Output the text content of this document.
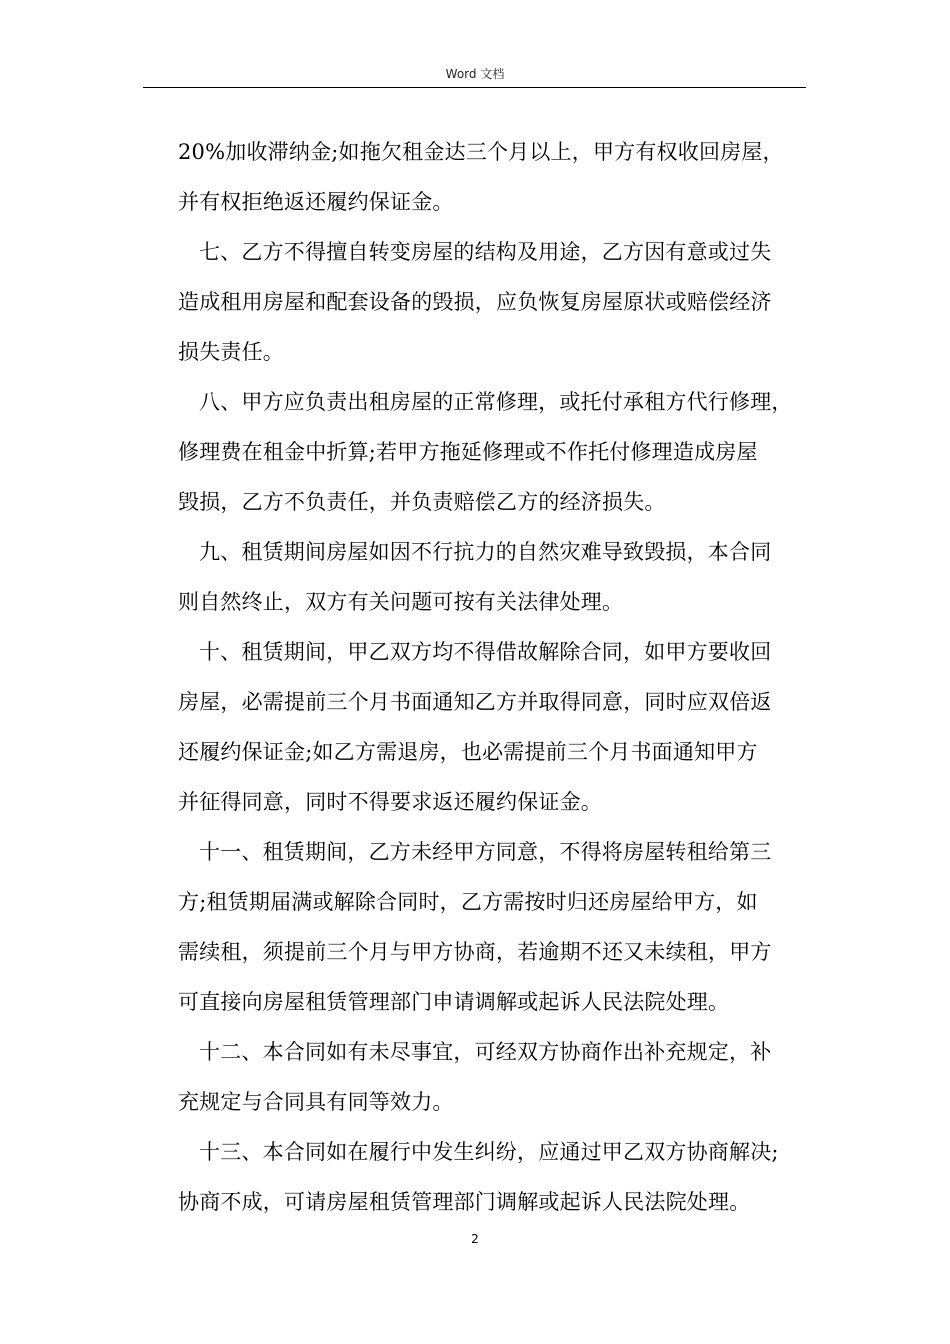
Word 文档
20%加收滞纳金;如拖欠租金达三个月以上，甲方有权收回房屋，
并有权拒绝返还履约保证金。
七、乙方不得擅自转变房屋的结构及用途，乙方因有意或过失
造成租用房屋和配套设备的毁损，应负恢复房屋原状或赔偿经济
损失责任。
八、甲方应负责出租房屋的正常修理，或托付承租方代行修理，
修理费在租金中折算;若甲方拖延修理或不作托付修理造成房屋
毁损，乙方不负责任，并负责赔偿乙方的经济损失。
九、租赁期间房屋如因不行抗力的自然灾难导致毁损，本合同
则自然终止，双方有关问题可按有关法律处理。
十、租赁期间，甲乙双方均不得借故解除合同，如甲方要收回
房屋，必需提前三个月书面通知乙方并取得同意，同时应双倍返
还履约保证金;如乙方需退房，也必需提前三个月书面通知甲方
并征得同意，同时不得要求返还履约保证金。
十一、租赁期间，乙方未经甲方同意，不得将房屋转租给第三
方;租赁期届满或解除合同时，乙方需按时归还房屋给甲方，如
需续租，须提前三个月与甲方协商，若逾期不还又未续租，甲方
可直接向房屋租赁管理部门申请调解或起诉人民法院处理。
十二、本合同如有未尽事宜，可经双方协商作出补充规定，补
充规定与合同具有同等效力。
十三、本合同如在履行中发生纠纷，应通过甲乙双方协商解决;
协商不成，可请房屋租赁管理部门调解或起诉人民法院处理。
2
